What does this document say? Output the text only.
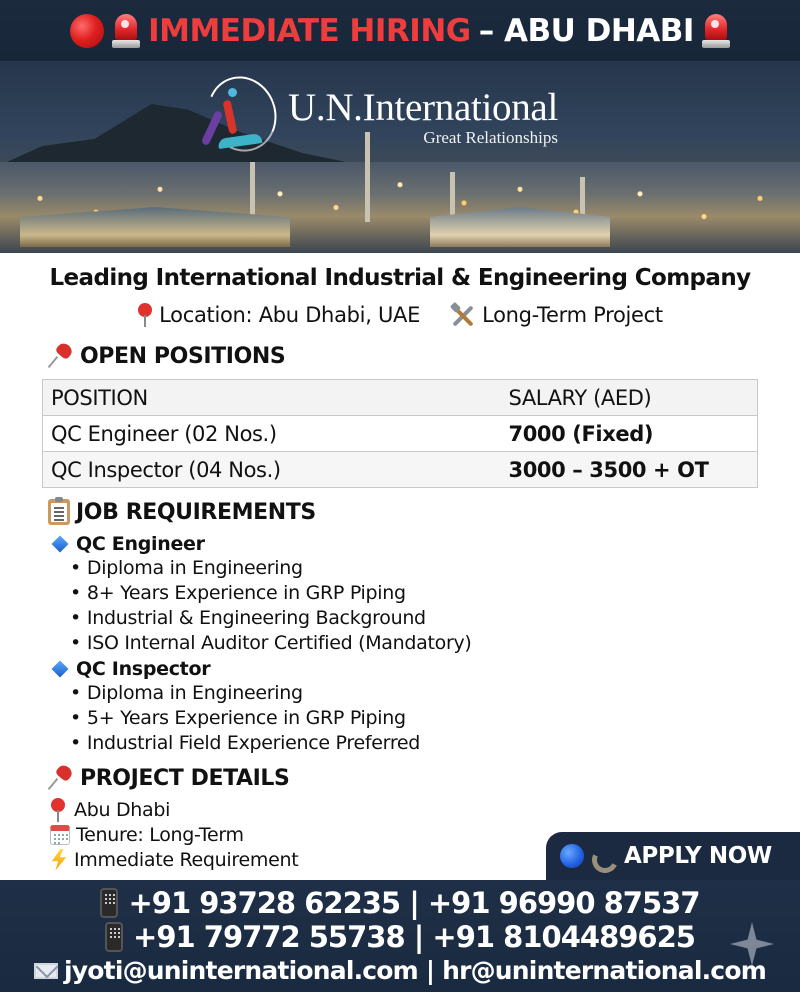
IMMEDIATE HIRING – ABU DHABI
U.N.International
Great Relationships
Leading International Industrial & Engineering Company
Location: Abu Dhabi, UAE	Long-Term Project
OPEN POSITIONS
POSITION	SALARY (AED)
QC Engineer (02 Nos.)	7000 (Fixed)
QC Inspector (04 Nos.)	3000 – 3500 + OT
JOB REQUIREMENTS
QC Engineer
• Diploma in Engineering
• 8+ Years Experience in GRP Piping
• Industrial & Engineering Background
• ISO Internal Auditor Certified (Mandatory)
QC Inspector
• Diploma in Engineering
• 5+ Years Experience in GRP Piping
• Industrial Field Experience Preferred
PROJECT DETAILS
Abu Dhabi
Tenure: Long-Term
Immediate Requirement	APPLY NOW
+91 93728 62235 | +91 96990 87537
+91 79772 55738 | +91 8104489625
jyoti@uninternational.com | hr@uninternational.com
